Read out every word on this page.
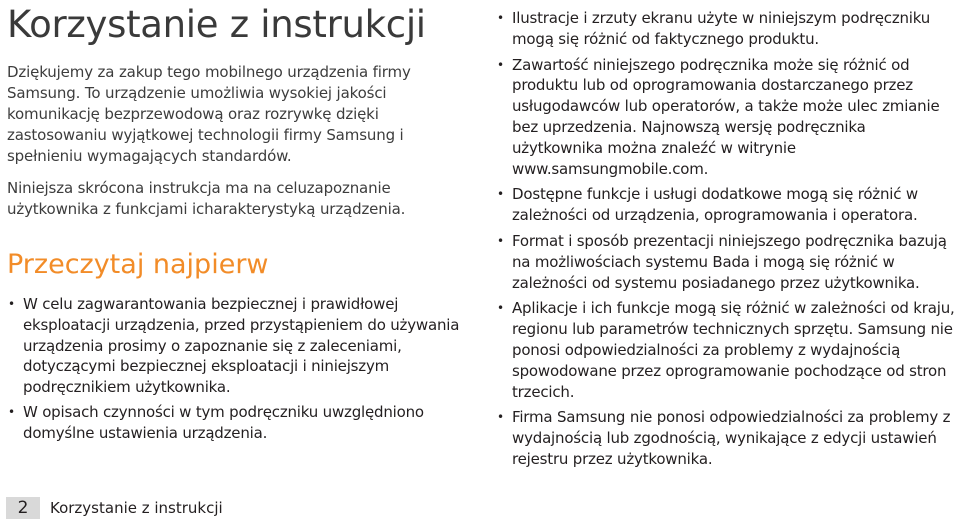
Korzystanie z instrukcji

Dziękujemy za zakup tego mobilnego urządzenia firmy Samsung. To urządzenie umożliwia wysokiej jakości komunikację bezprzewodową oraz rozrywkę dzięki zastosowaniu wyjątkowej technologii firmy Samsung i spełnieniu wymagających standardów.

Niniejsza skrócona instrukcja ma na celuzapoznanie użytkownika z funkcjami icharakterystyką urządzenia.

Przeczytaj najpierw
• W celu zagwarantowania bezpiecznej i prawidłowej eksploatacji urządzenia, przed przystąpieniem do używania urządzenia prosimy o zapoznanie się z zaleceniami, dotyczącymi bezpiecznej eksploatacji i niniejszym podręcznikiem użytkownika.
• W opisach czynności w tym podręczniku uwzględniono domyślne ustawienia urządzenia.
• Ilustracje i zrzuty ekranu użyte w niniejszym podręczniku mogą się różnić od faktycznego produktu.
• Zawartość niniejszego podręcznika może się różnić od produktu lub od oprogramowania dostarczanego przez usługodawców lub operatorów, a także może ulec zmianie bez uprzedzenia. Najnowszą wersję podręcznika użytkownika można znaleźć w witrynie www.samsungmobile.com.
• Dostępne funkcje i usługi dodatkowe mogą się różnić w zależności od urządzenia, oprogramowania i operatora.
• Format i sposób prezentacji niniejszego podręcznika bazują na możliwościach systemu Bada i mogą się różnić w zależności od systemu posiadanego przez użytkownika.
• Aplikacje i ich funkcje mogą się różnić w zależności od kraju, regionu lub parametrów technicznych sprzętu. Samsung nie ponosi odpowiedzialności za problemy z wydajnością spowodowane przez oprogramowanie pochodzące od stron trzecich.
• Firma Samsung nie ponosi odpowiedzialności za problemy z wydajnością lub zgodnością, wynikające z edycji ustawień rejestru przez użytkownika.
2	Korzystanie z instrukcji
